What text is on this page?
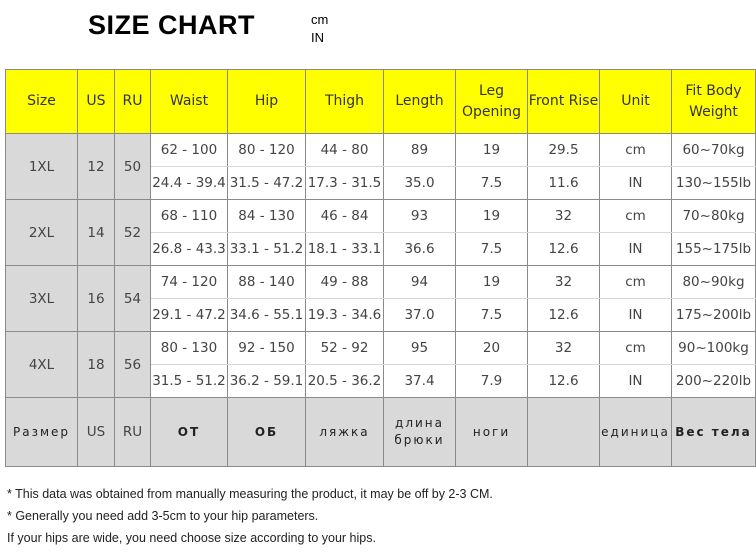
SIZE CHART	cm
IN
Size	US	RU	Waist	Hip	Thigh	Length	Leg Opening	Front Rise	Unit	Fit Body Weight
1XL	12	50	62 - 100	80 - 120	44 - 80	89	19	29.5	cm	60~70kg
			24.4 - 39.4	31.5 - 47.2	17.3 - 31.5	35.0	7.5	11.6	IN	130~155lb
2XL	14	52	68 - 110	84 - 130	46 - 84	93	19	32	cm	70~80kg
			26.8 - 43.3	33.1 - 51.2	18.1 - 33.1	36.6	7.5	12.6	IN	155~175lb
3XL	16	54	74 - 120	88 - 140	49 - 88	94	19	32	cm	80~90kg
			29.1 - 47.2	34.6 - 55.1	19.3 - 34.6	37.0	7.5	12.6	IN	175~200lb
4XL	18	56	80 - 130	92 - 150	52 - 92	95	20	32	cm	90~100kg
			31.5 - 51.2	36.2 - 59.1	20.5 - 36.2	37.4	7.9	12.6	IN	200~220lb
Размер	US	RU	ОТ	ОБ	ляжка	длина брюки	ноги		единица	Вес тела
* This data was obtained from manually measuring the product, it may be off by 2-3 CM.
* Generally you need add 3-5cm to your hip parameters.
If your hips are wide, you need choose size according to your hips.
